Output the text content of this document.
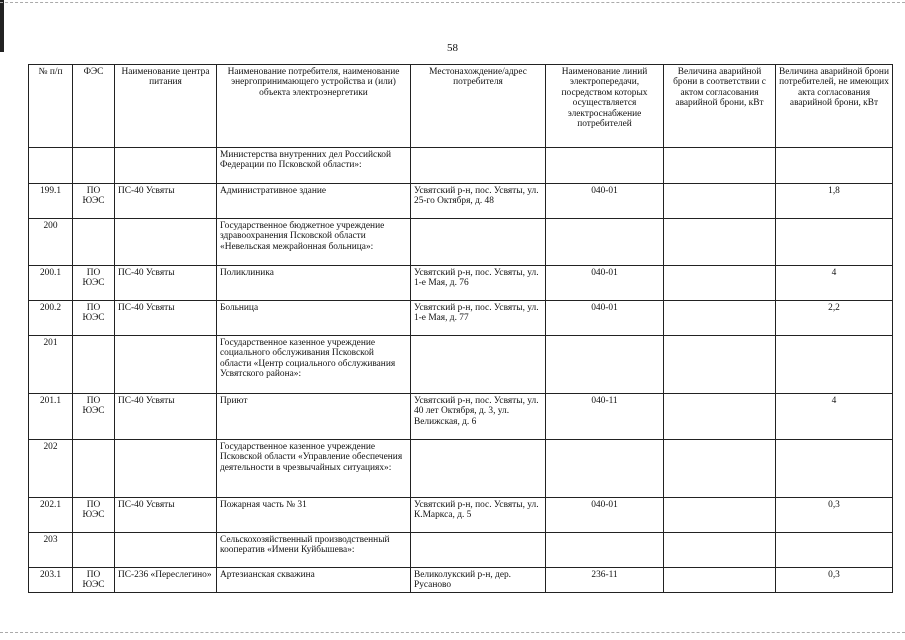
58
№ п/п	ФЭС	Наименование центра питания	Наименование потребителя, наименование энергопринимающего устройства и (или) объекта электроэнергетики	Местонахождение/адрес потребителя	Наименование линий электропередачи, посредством которых осуществляется электроснабжение потребителей	Величина аварийной брони в соответствии с актом согласования аварийной брони, кВт	Величина аварийной брони потребителей, не имеющих акта согласования аварийной брони, кВт
			Министерства внутренних дел Российской Федерации по Псковской области»:				
199.1	ПО ЮЭС	ПС-40 Усвяты	Административное здание	Усвятский р-н, пос. Усвяты, ул. 25-го Октября, д. 48	040-01		1,8
200			Государственное бюджетное учреждение здравоохранения Псковской области «Невельская межрайонная больница»:				
200.1	ПО ЮЭС	ПС-40 Усвяты	Поликлиника	Усвятский р-н, пос. Усвяты, ул. 1-е Мая, д. 76	040-01		4
200.2	ПО ЮЭС	ПС-40 Усвяты	Больница	Усвятский р-н, пос. Усвяты, ул. 1-е Мая, д. 77	040-01		2,2
201			Государственное казенное учреждение социального обслуживания Псковской области «Центр социального обслуживания Усвятского района»:				
201.1	ПО ЮЭС	ПС-40 Усвяты	Приют	Усвятский р-н, пос. Усвяты, ул. 40 лет Октября, д. 3, ул. Велижская, д. 6	040-11		4
202			Государственное казенное учреждение Псковской области «Управление обеспечения деятельности в чрезвычайных ситуациях»:				
202.1	ПО ЮЭС	ПС-40 Усвяты	Пожарная часть № 31	Усвятский р-н, пос. Усвяты, ул. К.Маркса, д. 5	040-01		0,3
203			Сельскохозяйственный производственный кооператив «Имени Куйбышева»:				
203.1	ПО ЮЭС	ПС-236 «Переслегино»	Артезианская скважина	Великолукский р-н, дер. Русаново	236-11		0,3
